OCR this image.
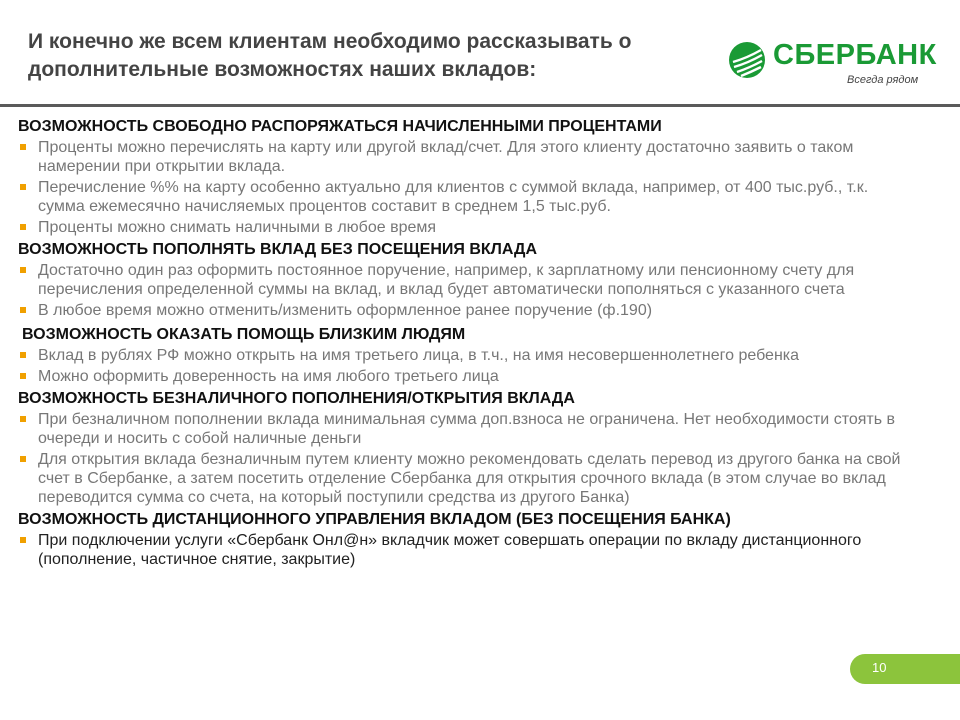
И конечно же всем клиентам необходимо рассказывать о дополнительные возможностях наших вкладов:	СБЕРБАНК
Всегда рядом
ВОЗМОЖНОСТЬ СВОБОДНО РАСПОРЯЖАТЬСЯ НАЧИСЛЕННЫМИ ПРОЦЕНТАМИ
Проценты можно перечислять на карту или другой вклад/счет. Для этого клиенту достаточно заявить о таком намерении при открытии вклада.
Перечисление %% на карту особенно актуально для клиентов с суммой вклада, например, от 400 тыс.руб., т.к. сумма ежемесячно начисляемых процентов составит в среднем 1,5 тыс.руб.
Проценты можно снимать наличными в любое время
ВОЗМОЖНОСТЬ ПОПОЛНЯТЬ ВКЛАД БЕЗ ПОСЕЩЕНИЯ ВКЛАДА
Достаточно один раз оформить постоянное поручение, например, к зарплатному или пенсионному счету для перечисления определенной суммы на вклад, и вклад будет автоматически пополняться с указанного счета
В любое время можно отменить/изменить оформленное ранее поручение (ф.190)
ВОЗМОЖНОСТЬ ОКАЗАТЬ ПОМОЩЬ БЛИЗКИМ ЛЮДЯМ
Вклад в рублях РФ можно открыть на имя третьего лица, в т.ч., на имя несовершеннолетнего ребенка
Можно оформить доверенность на имя любого третьего лица
ВОЗМОЖНОСТЬ БЕЗНАЛИЧНОГО ПОПОЛНЕНИЯ/ОТКРЫТИЯ ВКЛАДА
При безналичном пополнении вклада минимальная сумма доп.взноса не ограничена. Нет необходимости стоять в очереди и носить с собой наличные деньги
Для открытия вклада безналичным путем клиенту можно рекомендовать сделать перевод из другого банка на свой счет в Сбербанке, а затем посетить отделение Сбербанка для открытия срочного вклада (в этом случае во вклад переводится сумма со счета, на который поступили средства из другого Банка)
ВОЗМОЖНОСТЬ ДИСТАНЦИОННОГО УПРАВЛЕНИЯ ВКЛАДОМ (БЕЗ ПОСЕЩЕНИЯ БАНКА)
При подключении услуги «Сбербанк Онл@н» вкладчик может совершать операции по вкладу дистанционного (пополнение, частичное снятие, закрытие)
10
